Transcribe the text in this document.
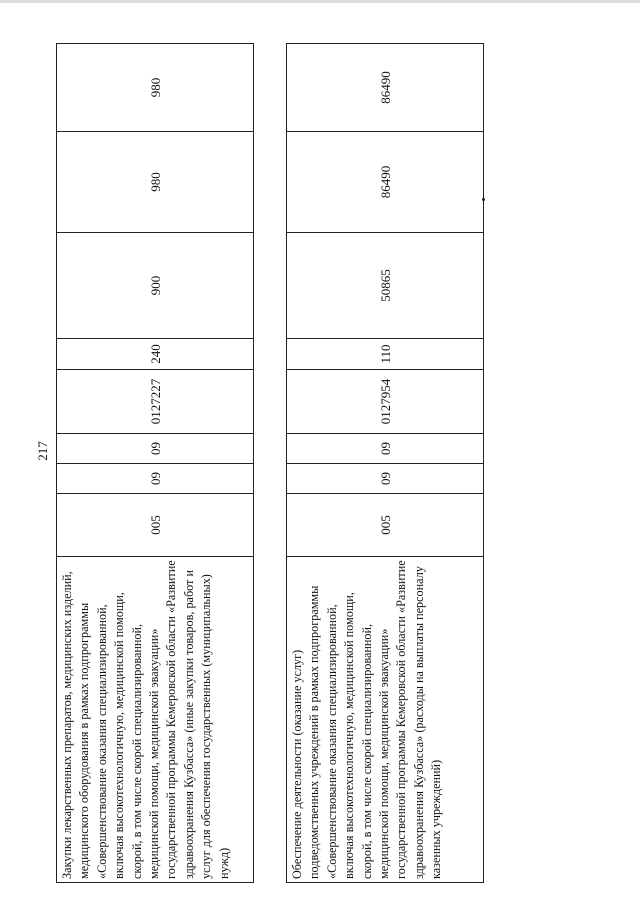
217
Закупки лекарственных препаратов, медицинских изделий, медицинского оборудования в рамках подпрограммы «Совершенствование оказания специализированной, включая высокотехнологичную, медицинской помощи, скорой, в том числе скорой специализированной, медицинской помощи, медицинской эвакуации» государственной программы Кемеровской области «Развитие здравоохранения Кузбасса» (иные закупки товаров, работ и услуг для обеспечения государственных (муниципальных) нужд)	005	09	09	0127227	240	900	980	980

Обеспечение деятельности (оказание услуг) подведомственных учреждений в рамках подпрограммы «Совершенствование оказания специализированной, включая высокотехнологичную, медицинской помощи, скорой, в том числе скорой специализированной, медицинской помощи, медицинской эвакуации» государственной программы Кемеровской области «Развитие здравоохранения Кузбасса» (расходы на выплаты персоналу казенных учреждений)	005	09	09	0127954	110	50865	86490	86490
